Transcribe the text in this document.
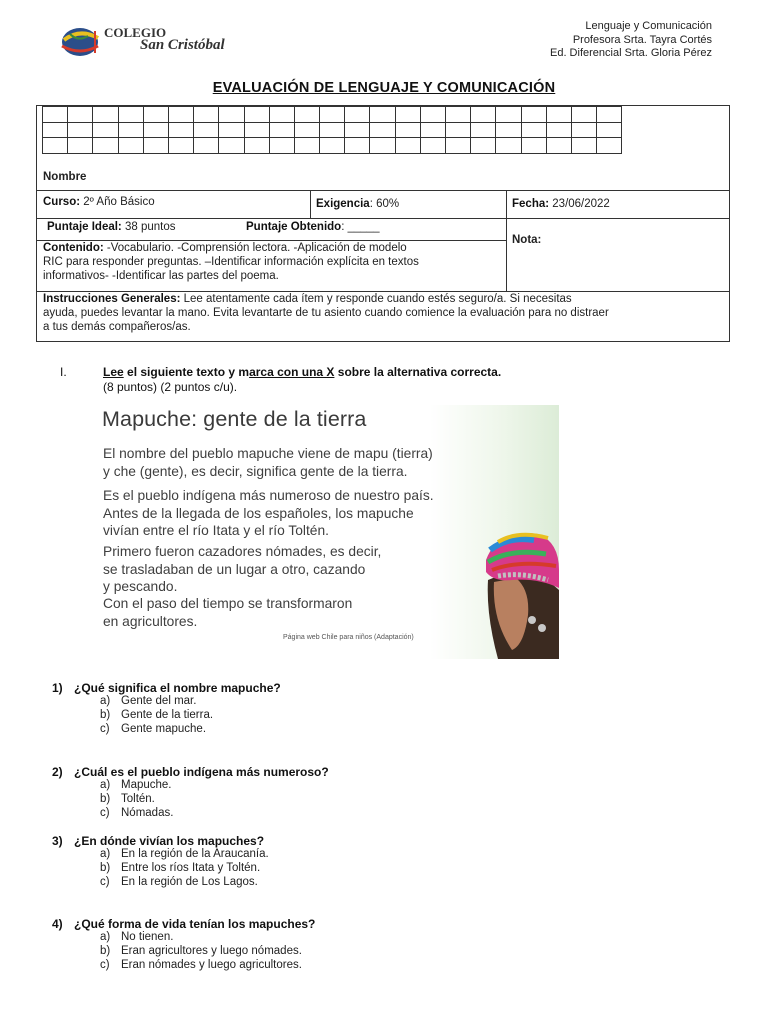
COLEGIO
San Cristóbal
Lenguaje y Comunicación
Profesora Srta. Tayra Cortés
Ed. Diferencial Srta. Gloria Pérez
EVALUACIÓN DE LENGUAJE Y COMUNICACIÓN

Nombre
Curso: 2º Año Básico	Exigencia: 60%	Fecha: 23/06/2022
Puntaje Ideal: 38 puntos	Puntaje Obtenido: _____
Nota:
Contenido: -Vocabulario. -Comprensión lectora. -Aplicación de modelo
RIC para responder preguntas. –Identificar información explícita en textos
informativos- -Identificar las partes del poema.
Instrucciones Generales: Lee atentamente cada ítem y responde cuando estés seguro/a. Si necesitas
ayuda, puedes levantar la mano. Evita levantarte de tu asiento cuando comience la evaluación para no distraer
a tus demás compañeros/as.
I.	Lee el siguiente texto y marca con una X sobre la alternativa correcta.
(8 puntos) (2 puntos c/u).
Mapuche: gente de la tierra
El nombre del pueblo mapuche viene de mapu (tierra)
y che (gente), es decir, significa gente de la tierra.
Es el pueblo indígena más numeroso de nuestro país.
Antes de la llegada de los españoles, los mapuche
vivían entre el río Itata y el río Toltén.
Primero fueron cazadores nómades, es decir,
se trasladaban de un lugar a otro, cazando
y pescando.
Con el paso del tiempo se transformaron
en agricultores.
Página web Chile para niños (Adaptación)
1) ¿Qué significa el nombre mapuche?
a) Gente del mar.
b) Gente de la tierra.
c) Gente mapuche.
2) ¿Cuál es el pueblo indígena más numeroso?
a) Mapuche.
b) Toltén.
c) Nómadas.
3) ¿En dónde vivían los mapuches?
a) En la región de la Araucanía.
b) Entre los ríos Itata y Toltén.
c) En la región de Los Lagos.
4) ¿Qué forma de vida tenían los mapuches?
a) No tienen.
b) Eran agricultores y luego nómades.
c) Eran nómades y luego agricultores.
